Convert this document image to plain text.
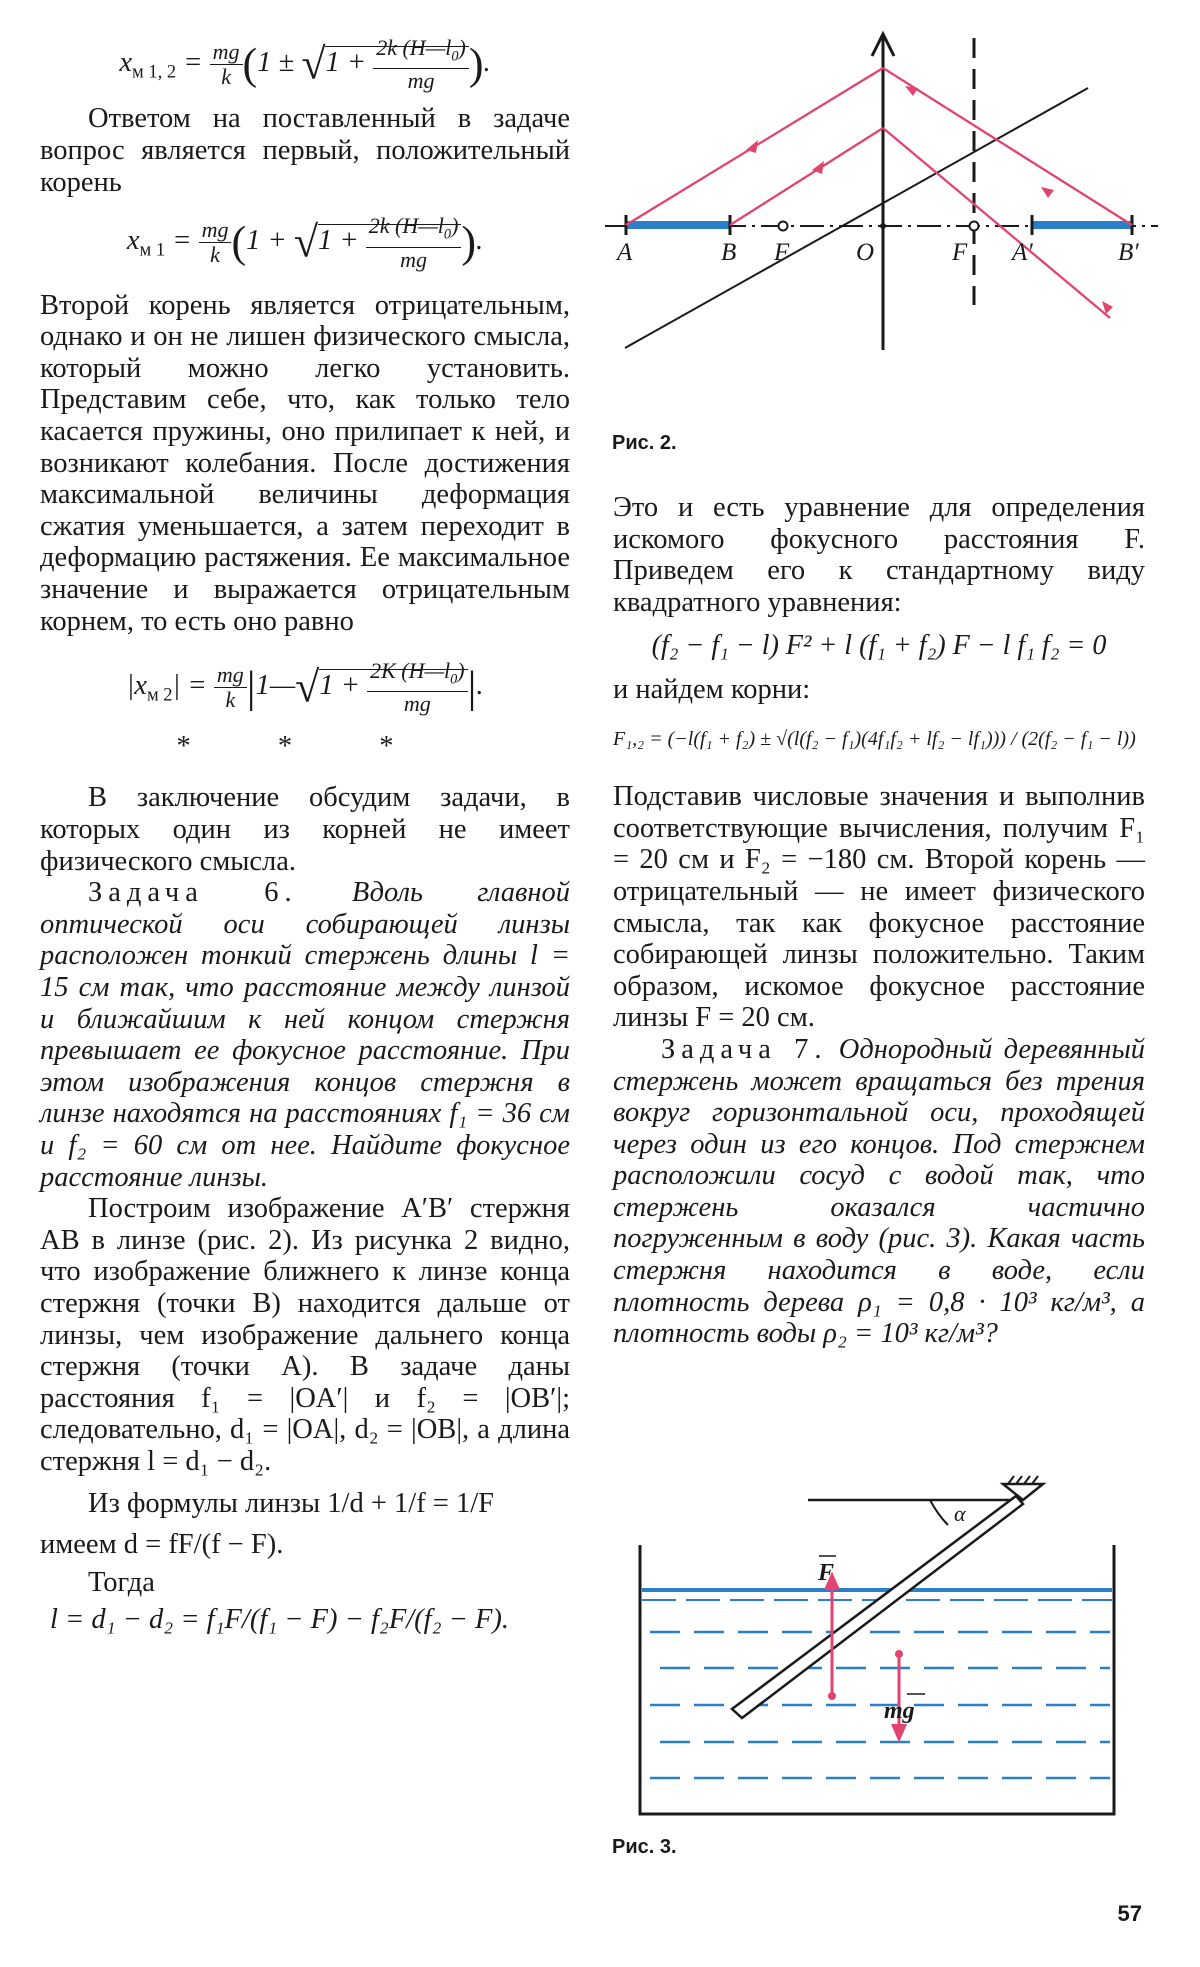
$x_{м 1, 2} = \frac{mg}{k} (1 \pm √1 + \frac{2k (H—l_0)}{mg}$ ).

Ответом на поставленный в задаче вопрос является первый, положительный корень

$x_{м 1} = \frac{mg}{k} (1 + √1 + \frac{2k (H—l_0)}{mg}$ ).

Второй корень является отрицательным, однако и он не лишен физического смысла, который можно легко установить. Представим себе, что, как только тело касается пружины, оно прилипает к ней, и возникают колебания. После достижения максимальной величины деформация сжатия уменьшается, а затем переходит в деформацию растяжения. Ее максимальное значение и выражается отрицательным корнем, то есть оно равно

$|x_{м 2}| = \frac{mg}{k}$ |1—√1 + $\frac{2K (H—l_0)}{mg}$ |.
* * *

В заключение обсудим задачи, в которых один из корней не имеет физического смысла.

Задача 6. Вдоль главной оптической оси собирающей линзы расположен тонкий стержень длины l = 15 см так, что расстояние между линзой и ближайшим к ней концом стержня превышает ее фокусное расстояние. При этом изображения концов стержня в линзе находятся на расстояниях f₁ = 36 см и f₂ = 60 см от нее. Найдите фокусное расстояние линзы.

Построим изображение A′B′ стержня AB в линзе (рис. 2). Из рисунка 2 видно, что изображение ближнего к линзе конца стержня (точки B) находится дальше от линзы, чем изображение дальнего конца стержня (точки A). В задаче даны расстояния f₁ = |OA′| и f₂ = |OB′|; следовательно, d₁ = |OA|, d₂ = |OB|, а длина стержня l = d₁ − d₂.

Из формулы линзы 1/d + 1/f = 1/F

имеем d = fF/(f − F).

Тогда

l = d₁ − d₂ = f₁F/(f₁ − F) − f₂F/(f₂ − F).

A	B F	O	F A′	B′
Рис. 2.

Это и есть уравнение для определения искомого фокусного расстояния F. Приведем его к стандартному виду квадратного уравнения:

(f₂ − f₁ − l) F² + l (f₁ + f₂) F − l f₁ f₂ = 0

и найдем корни:

F₁,₂ = (−l(f₁ + f₂) ± √(l(f₂ − f₁)(4f₁f₂ + lf₂ − lf₁))) / (2(f₂ − f₁ − l))

Подставив числовые значения и выполнив соответствующие вычисления, получим F₁ = 20 см и F₂ = −180 см. Второй корень — отрицательный — не имеет физического смысла, так как фокусное расстояние собирающей линзы положительно. Таким образом, искомое фокусное расстояние линзы F = 20 см.

Задача 7. Однородный деревянный стержень может вращаться без трения вокруг горизонтальной оси, проходящей через один из его концов. Под стержнем расположили сосуд с водой так, что стержень оказался частично погруженным в воду (рис. 3). Какая часть стержня находится в воде, если плотность дерева ρ₁ = 0,8 · 10³ кг/м³, а плотность воды ρ₂ = 10³ кг/м³?

α
F
mg
Рис. 3.
57
